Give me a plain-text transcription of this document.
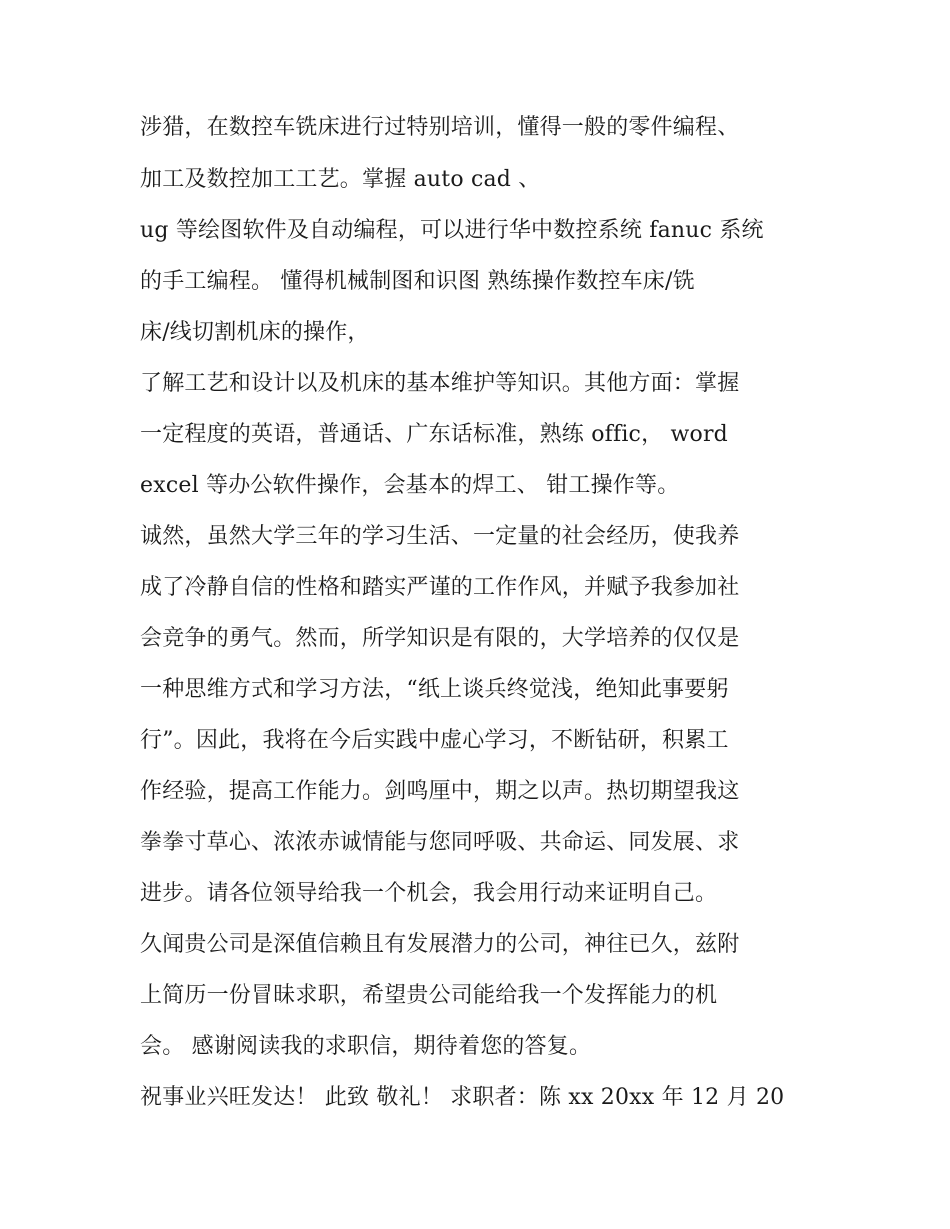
涉猎，在数控车铣床进行过特别培训，懂得一般的零件编程、
加工及数控加工工艺。掌握 auto cad 、
ug 等绘图软件及自动编程，可以进行华中数控系统 fanuc 系统
的手工编程。 懂得机械制图和识图 熟练操作数控车床/铣
床/线切割机床的操作，
了解工艺和设计以及机床的基本维护等知识。其他方面：掌握
一定程度的英语，普通话、广东话标准，熟练 offic， word
excel 等办公软件操作，会基本的焊工、 钳工操作等。
诚然，虽然大学三年的学习生活、一定量的社会经历，使我养
成了冷静自信的性格和踏实严谨的工作作风，并赋予我参加社
会竞争的勇气。然而，所学知识是有限的，大学培养的仅仅是
一种思维方式和学习方法，“纸上谈兵终觉浅，绝知此事要躬
行”。因此，我将在今后实践中虚心学习，不断钻研，积累工
作经验，提高工作能力。剑鸣厘中，期之以声。热切期望我这
拳拳寸草心、浓浓赤诚情能与您同呼吸、共命运、同发展、求
进步。请各位领导给我一个机会，我会用行动来证明自己。
久闻贵公司是深值信赖且有发展潜力的公司，神往已久，兹附
上简历一份冒昧求职，希望贵公司能给我一个发挥能力的机
会。 感谢阅读我的求职信，期待着您的答复。
祝事业兴旺发达！ 此致 敬礼！ 求职者：陈 xx 20xx 年 12 月 20
